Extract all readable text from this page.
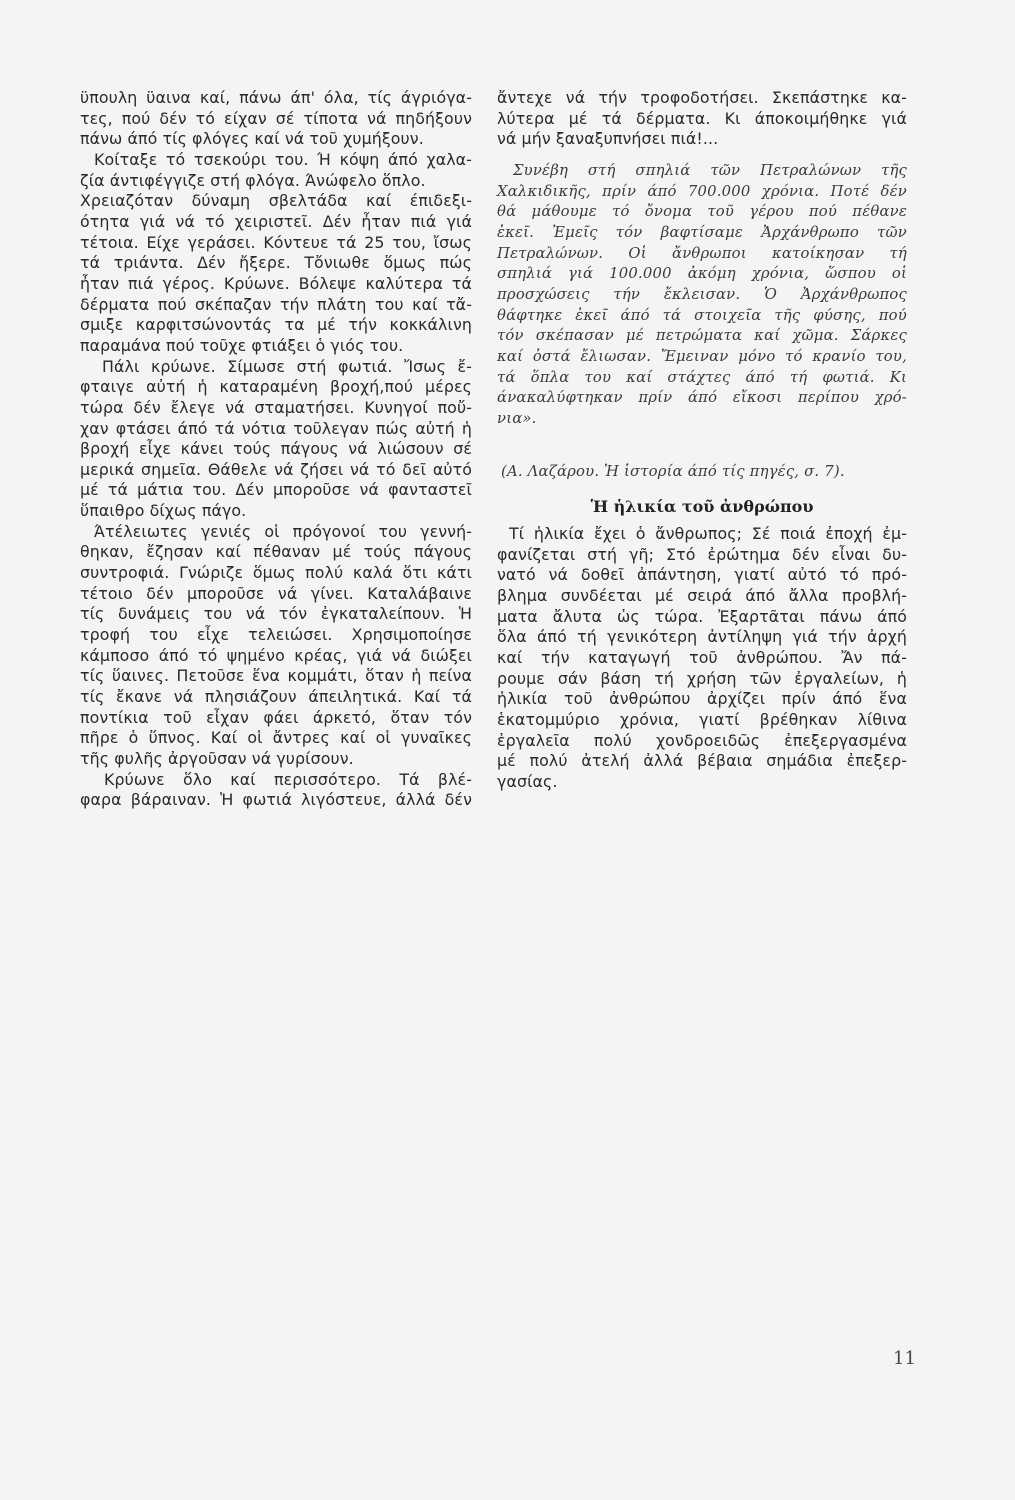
ϋπουλη ϋαινα καί, πάνω άπ' όλα, τίς άγριόγα-
τες, πού δέν τό είχαν σέ τίποτα νά πηδήξουν
πάνω άπό τίς φλόγες καί νά τοῦ χυμήξουν.
Κοίταξε τό τσεκούρι του. Ή κόψη άπό χαλα-
ζία άντιφέγγιζε στή φλόγα. Άνώφελο ὅπλο.
Χρειαζόταν δύναμη σβελτάδα καί έπιδεξι-
ότητα γιά νά τό χειριστεῖ. Δέν ἦταν πιά γιά
τέτοια. Είχε γεράσει. Κόντευε τά 25 του, ἴσως
τά τριάντα. Δέν ἤξερε. Τὄνιωθε ὅμως πώς
ἦταν πιά γέρος. Κρύωνε. Βόλεψε καλύτερα τά
δέρματα πού σκέπαζαν τήν πλάτη του καί τἄ-
σμιξε καρφιτσώνοντάς τα μέ τήν κοκκάλινη
παραμάνα πού τοῦχε φτιάξει ὁ γιός του.
Πάλι κρύωνε. Σίμωσε στή φωτιά. Ἴσως ἔ-
φταιγε αὐτή ἡ καταραμένη βροχή,πού μέρες
τώρα δέν ἔλεγε νά σταματήσει. Κυνηγοί ποὔ-
χαν φτάσει άπό τά νότια τοῦλεγαν πώς αὐτή ἡ
βροχή εἶχε κάνει τούς πάγους νά λιώσουν σέ
μερικά σημεῖα. Θάθελε νά ζήσει νά τό δεῖ αὐτό
μέ τά μάτια του. Δέν μποροῦσε νά φανταστεῖ
ὕπαιθρο δίχως πάγο.
Άτέλειωτες γενιές οἱ πρόγονοί του γεννή-
θηκαν, ἔζησαν καί πέθαναν μέ τούς πάγους
συντροφιά. Γνώριζε ὅμως πολύ καλά ὅτι κάτι
τέτοιο δέν μποροῦσε νά γίνει. Καταλάβαινε
τίς δυνάμεις του νά τόν ἐγκαταλείπουν. Ἡ
τροφή του εἶχε τελειώσει. Χρησιμοποίησε
κάμποσο άπό τό ψημένο κρέας, γιά νά διώξει
τίς ὕαινες. Πετοῦσε ἕνα κομμάτι, ὅταν ἡ πείνα
τίς ἔκανε νά πλησιάζουν άπειλητικά. Καί τά
ποντίκια τοῦ εἶχαν φάει άρκετό, ὅταν τόν
πῆρε ὁ ὕπνος. Καί οἱ ἄντρες καί οἱ γυναῖκες
τῆς φυλῆς ἀργοῦσαν νά γυρίσουν.
Κρύωνε ὅλο καί περισσότερο. Τά βλέ-
φαρα βάραιναν. Ἡ φωτιά λιγόστευε, άλλά δέν
ἄντεχε νά τήν τροφοδοτήσει. Σκεπάστηκε κα-
λύτερα μέ τά δέρματα. Κι άποκοιμήθηκε γιά
νά μήν ξαναξυπνήσει πιά!...
Συνέβη στή σπηλιά τῶν Πετραλώνων τῆς
Χαλκιδικῆς, πρίν άπό 700.000 χρόνια. Ποτέ δέν
θά μάθουμε τό ὄνομα τοῦ γέρου πού πέθανε
ἐκεῖ. Ἐμεῖς τόν βαφτίσαμε Ἀρχάνθρωπο τῶν
Πετραλώνων. Οἱ ἄνθρωποι κατοίκησαν τή
σπηλιά γιά 100.000 ἀκόμη χρόνια, ὥσπου οἱ
προσχώσεις τήν ἔκλεισαν. Ὁ Ἀρχάνθρωπος
θάφτηκε ἐκεῖ άπό τά στοιχεῖα τῆς φύσης, πού
τόν σκέπασαν μέ πετρώματα καί χῶμα. Σάρκες
καί ὀστά ἔλιωσαν. Ἔμειναν μόνο τό κρανίο του,
τά ὅπλα του καί στάχτες άπό τή φωτιά. Κι
άνακαλύφτηκαν πρίν άπό εἴκοσι περίπου χρό-
νια».
(Α. Λαζάρου. Ἡ ἱστορία άπό τίς πηγές, σ. 7).
Ἡ ἡλικία τοῦ ἀνθρώπου
Τί ἡλικία ἔχει ὁ ἄνθρωπος; Σέ ποιά ἐποχή ἐμ-
φανίζεται στή γῆ; Στό ἐρώτημα δέν εἶναι δυ-
νατό νά δοθεῖ ἀπάντηση, γιατί αὐτό τό πρό-
βλημα συνδέεται μέ σειρά άπό ἄλλα προβλή-
ματα ἄλυτα ὡς τώρα. Ἐξαρτᾶται πάνω άπό
ὅλα άπό τή γενικότερη ἀντίληψη γιά τήν ἀρχή
καί τήν καταγωγή τοῦ ἀνθρώπου. Ἄν πά-
ρουμε σάν βάση τή χρήση τῶν ἐργαλείων, ἡ
ἡλικία τοῦ ἀνθρώπου ἀρχίζει πρίν άπό ἕνα
ἑκατομμύριο χρόνια, γιατί βρέθηκαν λίθινα
ἐργαλεῖα πολύ χονδροειδῶς ἐπεξεργασμένα
μέ πολύ ἀτελή ἀλλά βέβαια σημάδια ἐπεξερ-
γασίας.
11
